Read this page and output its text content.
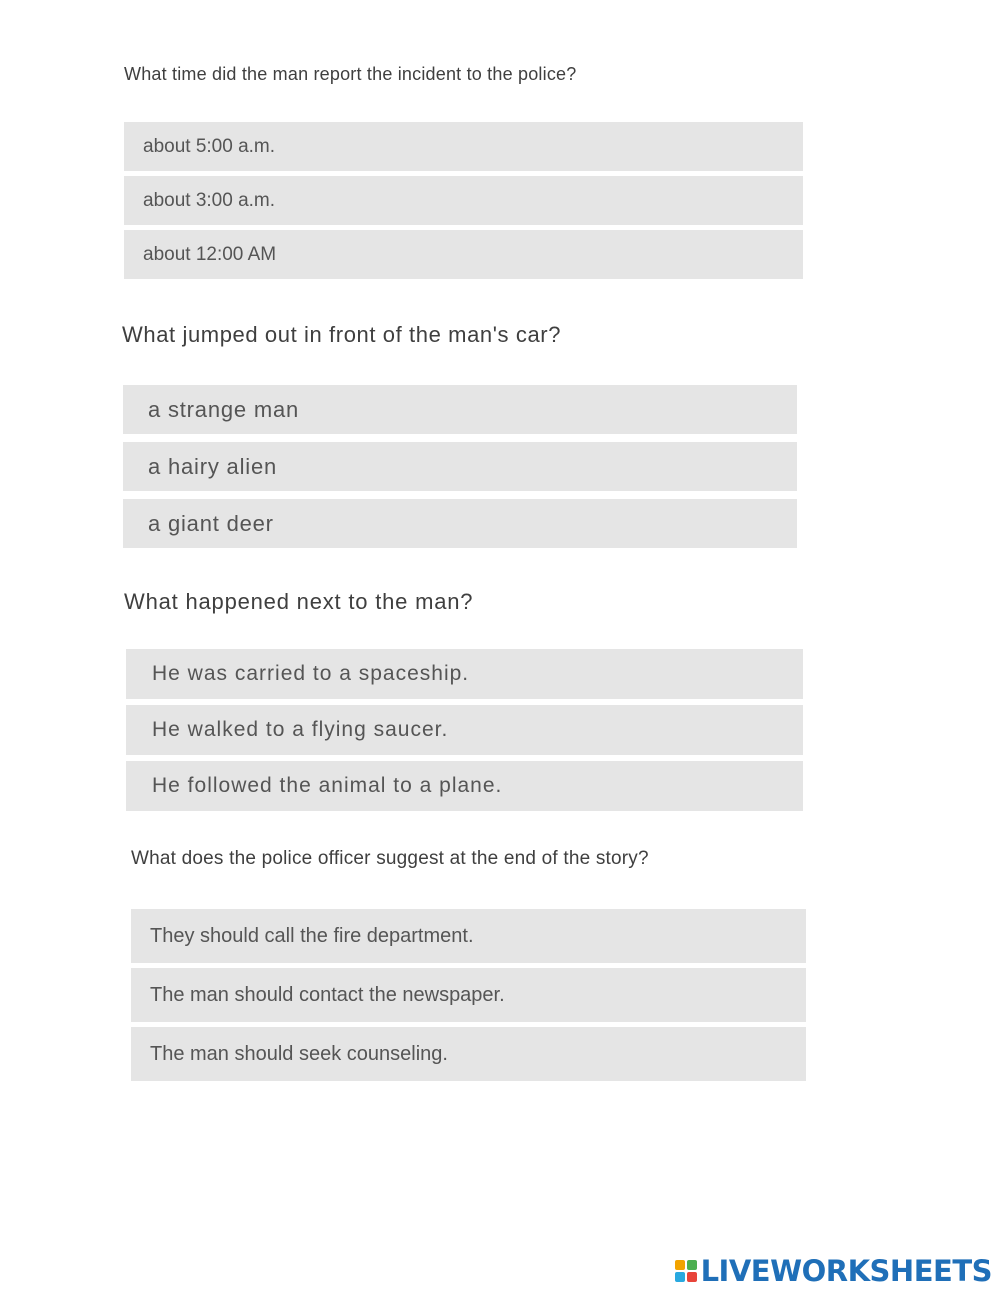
What time did the man report the incident to the police?

about 5:00 a.m.
about 3:00 a.m.
about 12:00 AM

What jumped out in front of the man's car?

a strange man
a hairy alien
a giant deer

What happened next to the man?

He was carried to a spaceship.
He walked to a flying saucer.
He followed the animal to a plane.

What does the police officer suggest at the end of the story?

They should call the fire department.
The man should contact the newspaper.
The man should seek counseling.
LIVEWORKSHEETS
